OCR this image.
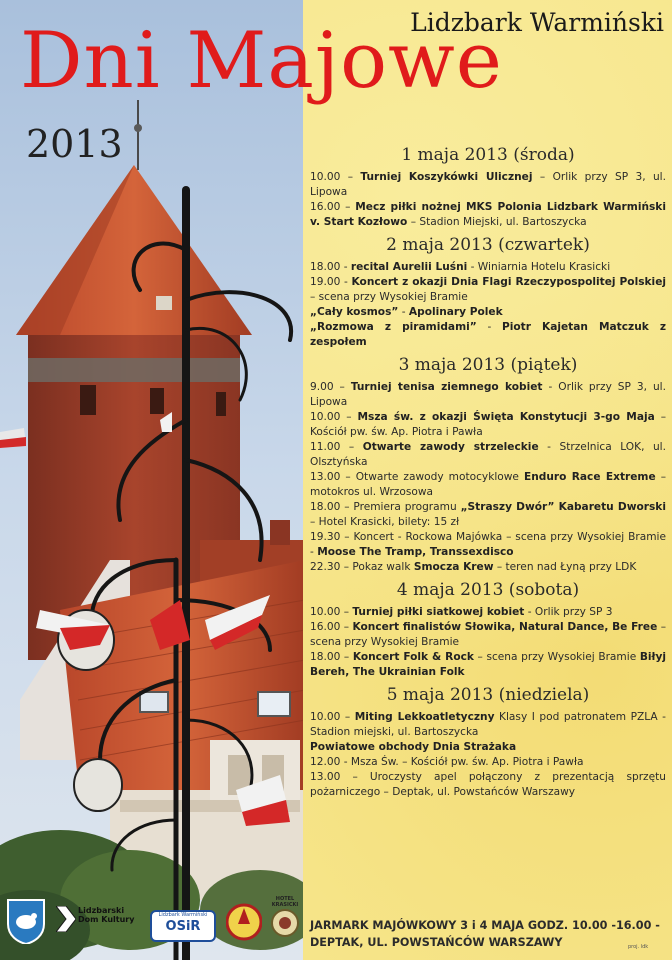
Dni Majowe
Lidzbark Warmiński
2013	1 maja 2013 (środa)

10.00 – Turniej Koszykówki Ulicznej – Orlik przy SP 3, ul. Lipowa

16.00 – Mecz piłki nożnej MKS Polonia Lidzbark Warmiński v. Start Kozłowo – Stadion Miejski, ul. Bartoszycka

2 maja 2013 (czwartek)

18.00 - recital Aurelii Luśni - Winiarnia Hotelu Krasicki

19.00 - Koncert z okazji Dnia Flagi Rzeczypospolitej Polskiej – scena przy Wysokiej Bramie

„Cały kosmos” - Apolinary Polek

„Rozmowa z piramidami” - Piotr Kajetan Matczuk z zespołem

3 maja 2013 (piątek)

9.00 – Turniej tenisa ziemnego kobiet - Orlik przy SP 3, ul. Lipowa

10.00 – Msza św. z okazji Święta Konstytucji 3-go Maja – Kościół pw. św. Ap. Piotra i Pawła

11.00 – Otwarte zawody strzeleckie - Strzelnica LOK, ul. Olsztyńska

13.00 – Otwarte zawody motocyklowe Enduro Race Extreme – motokros ul. Wrzosowa

18.00 – Premiera programu „Straszy Dwór” Kabaretu Dworski – Hotel Krasicki, bilety: 15 zł

19.30 – Koncert - Rockowa Majówka – scena przy Wysokiej Bramie - Moose The Tramp, Transsexdisco

22.30 – Pokaz walk Smocza Krew – teren nad Łyną przy LDK

4 maja 2013 (sobota)

10.00 – Turniej piłki siatkowej kobiet - Orlik przy SP 3

16.00 – Koncert finalistów Słowika, Natural Dance, Be Free – scena przy Wysokiej Bramie

18.00 – Koncert Folk & Rock – scena przy Wysokiej Bramie Biłyj Bereh, The Ukrainian Folk

5 maja 2013 (niedziela)

10.00 – Miting Lekkoatletyczny Klasy I pod patronatem PZLA - Stadion miejski, ul. Bartoszycka

Powiatowe obchody Dnia Strażaka

12.00 - Msza Św. – Kościół pw. św. Ap. Piotra i Pawła

13.00 – Uroczysty apel połączony z prezentacją sprzętu pożarniczego – Deptak, ul. Powstańców Warszawy

JARMARK MAJÓWKOWY 3 i 4 MAJA GODZ. 10.00 -16.00 - DEPTAK, UL. POWSTAŃCÓW WARSZAWY
Lidzbarski Dom Kultury	Lidzbark Warmiński
OSiR
HOTEL KRASICKI
proj. ldk
